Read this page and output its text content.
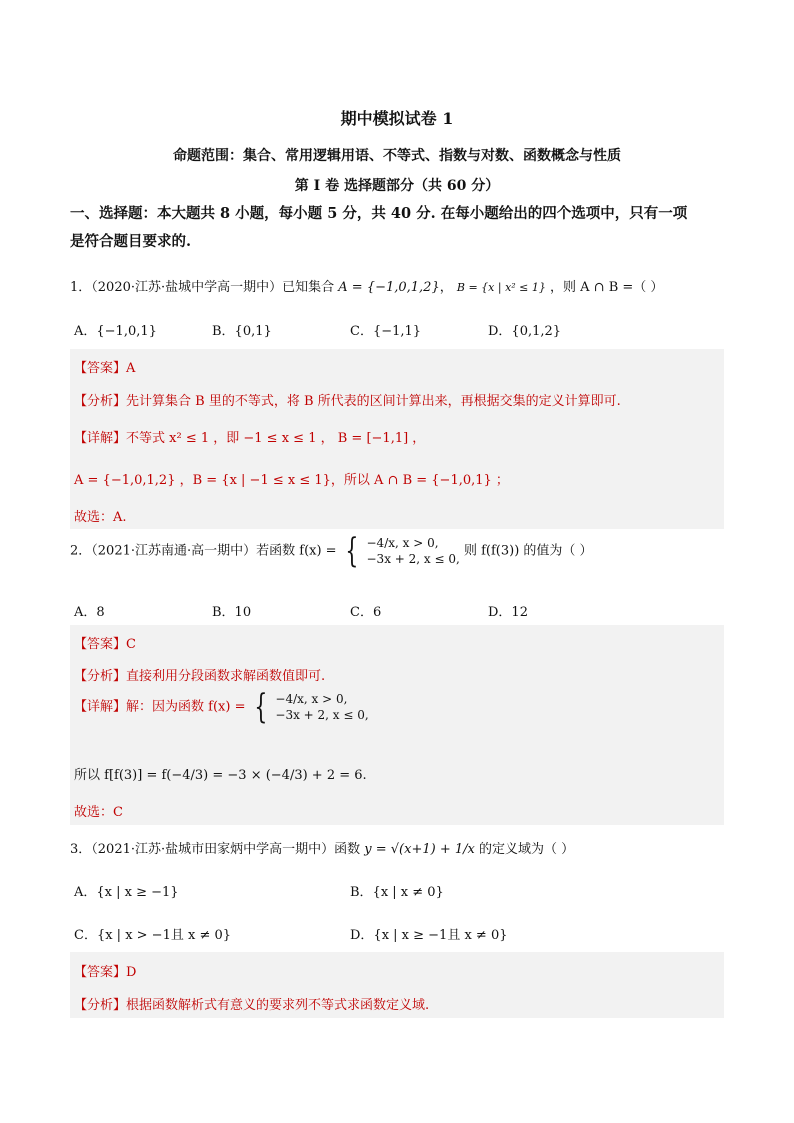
期中模拟试卷 1
命题范围：集合、常用逻辑用语、不等式、指数与对数、函数概念与性质
第 I 卷 选择题部分（共 60 分）
一、选择题：本大题共 8 小题，每小题 5 分，共 40 分. 在每小题给出的四个选项中，只有一项
是符合题目要求的.
1．（2020·江苏·盐城中学高一期中）已知集合 A = {−1,0,1,2}， B = {x | x² ≤ 1} ，则 A ∩ B =（ ）
A．{−1,0,1}	B．{0,1}	C．{−1,1}	D．{0,1,2}
【答案】A
【分析】先计算集合 B 里的不等式，将 B 所代表的区间计算出来，再根据交集的定义计算即可.
【详解】不等式 x² ≤ 1 ，即 −1 ≤ x ≤ 1 ， B = [−1,1] ，
A = {−1,0,1,2} ，B = {x | −1 ≤ x ≤ 1}，所以 A ∩ B = {−1,0,1} ；
故选：A.
2．（2021·江苏南通·高一期中）若函数 f(x) = { −4/x, x > 0,
−3x + 2, x ≤ 0,
则 f(f(3)) 的值为（ ）
A．8	B．10	C．6	D．12
【答案】C
【分析】直接利用分段函数求解函数值即可.
【详解】解：因为函数 f(x) = { −4/x, x > 0,
−3x + 2, x ≤ 0,
所以 f[f(3)] = f(−4/3) = −3 × (−4/3) + 2 = 6.
故选：C
3．（2021·江苏·盐城市田家炳中学高一期中）函数 y = √(x+1) + 1/x 的定义域为（ ）
A．{x | x ≥ −1}	B．{x | x ≠ 0}
C．{x | x > −1且 x ≠ 0}	D．{x | x ≥ −1且 x ≠ 0}
【答案】D
【分析】根据函数解析式有意义的要求列不等式求函数定义域.
